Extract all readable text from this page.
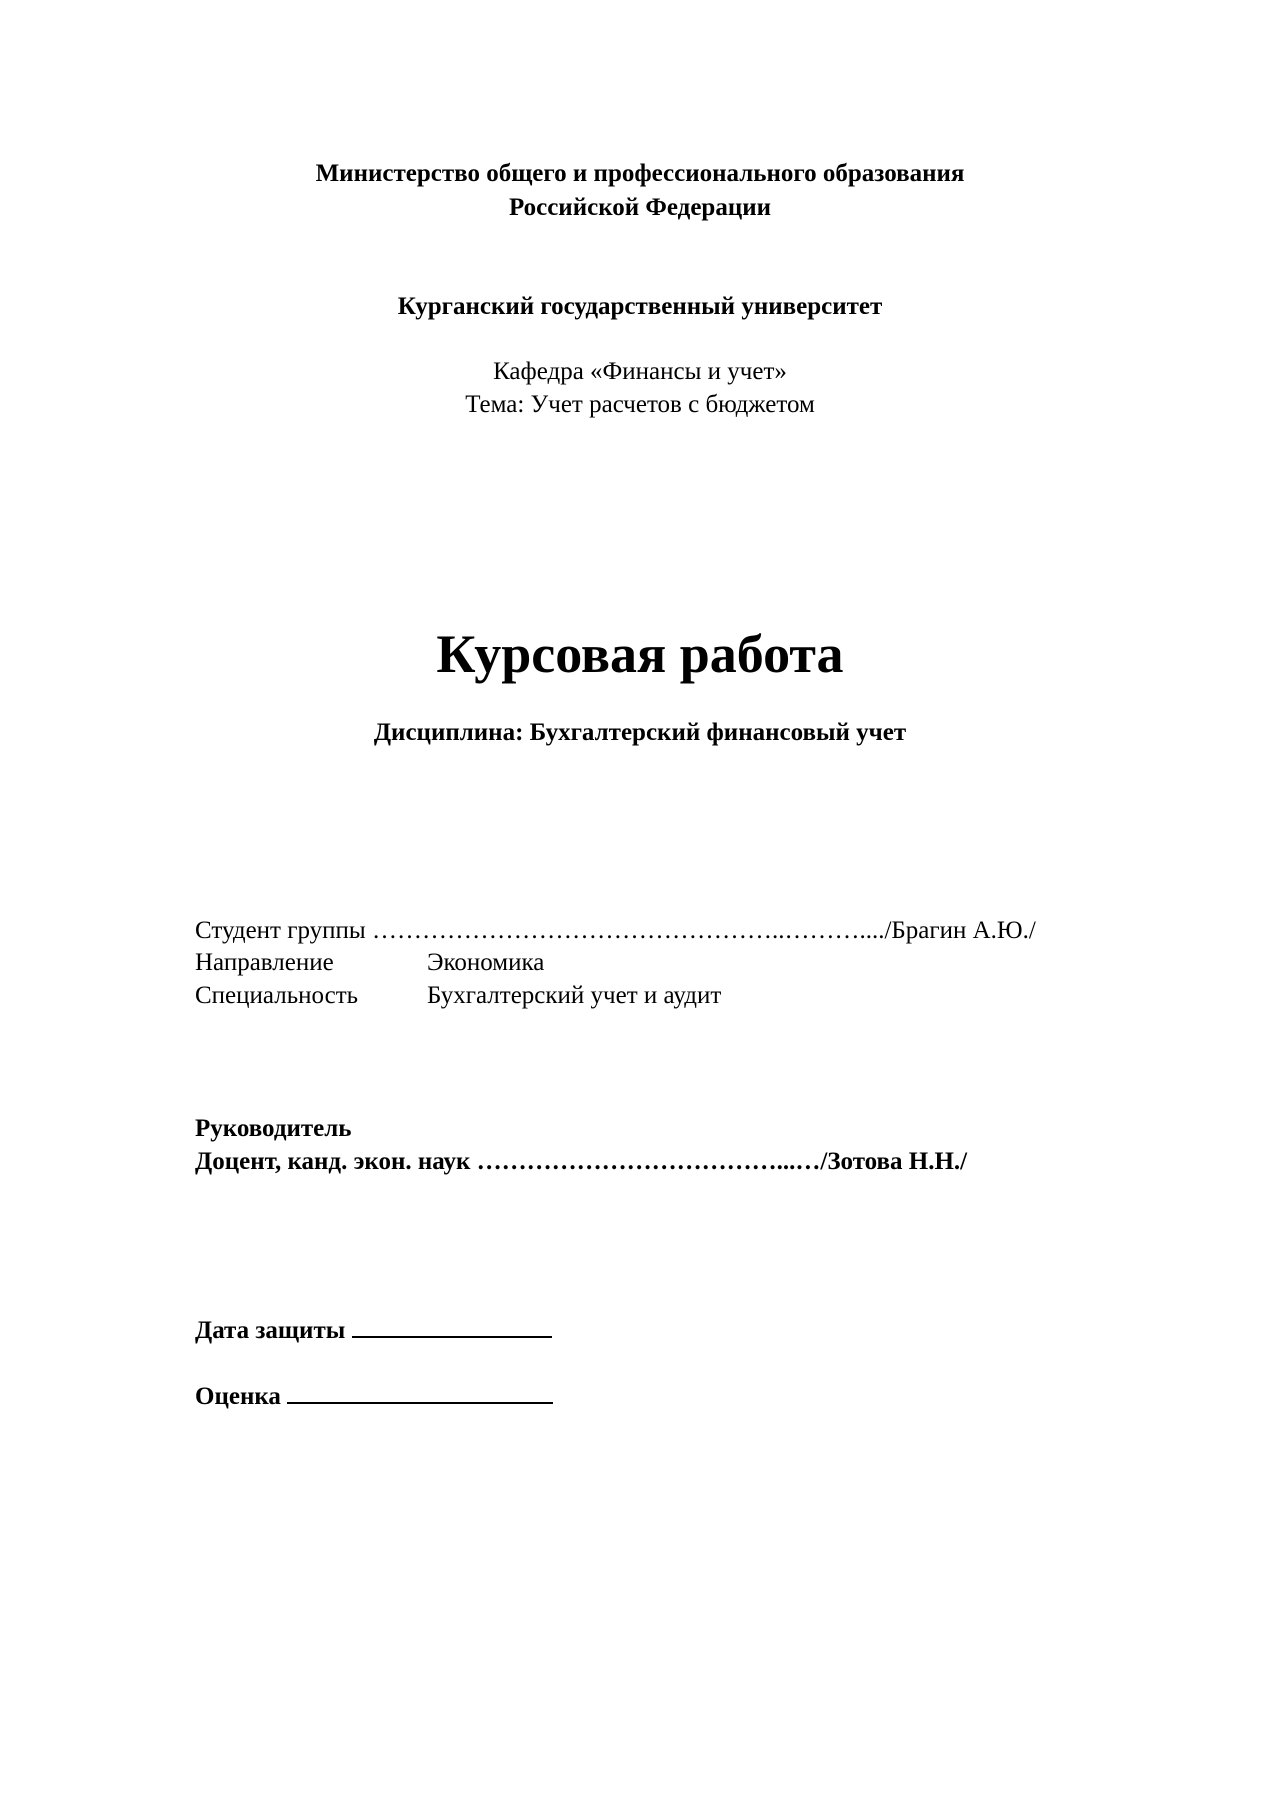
Министерство общего и профессионального образования
Российской Федерации
Курганский государственный университет
Кафедра «Финансы и учет»
Тема: Учет расчетов с бюджетом
Курсовая работа
Дисциплина: Бухгалтерский финансовый учет
Студент группы …………………………………………..………..../Брагин А.Ю./
Направление	Экономика
Специальность	Бухгалтерский учет и аудит
Руководитель
Доцент, канд. экон. наук ………………………………...…/Зотова Н.Н./
Дата защиты
Оценка
